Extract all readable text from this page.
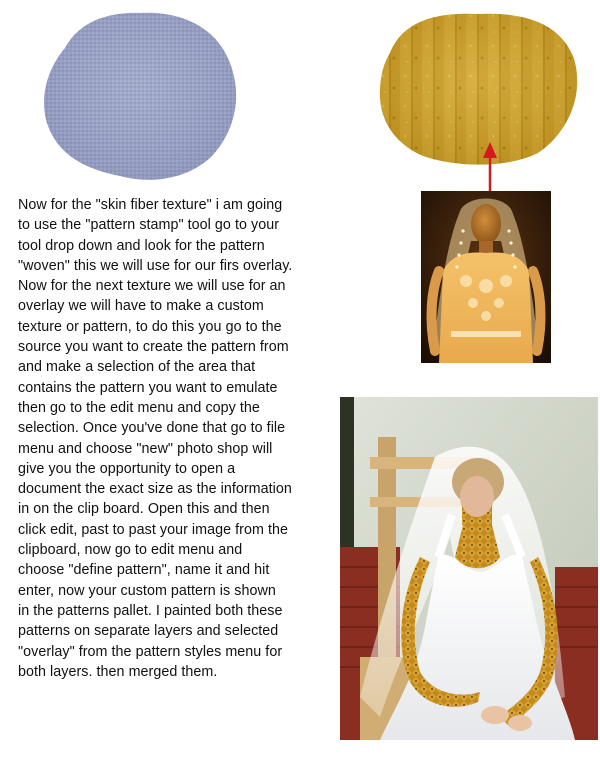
Now for the "skin fiber texture" i am going
to use the "pattern stamp" tool go to your
tool drop down and look for the pattern
"woven" this we will use for our firs overlay.
Now for the next texture we will use for an
overlay we will have to make a custom
texture or pattern, to do this you go to the
source you want to create the pattern from
and make a selection of the area that
contains the pattern you want to emulate
then go to the edit menu and copy the
selection. Once you've done that go to file
menu and choose "new" photo shop will
give you the opportunity to open a
document the exact size as the information
in on the clip board. Open this and then
click edit, past to past your image from the
clipboard, now go to edit menu and
choose "define pattern", name it and hit
enter, now your custom pattern is shown
in the patterns pallet. I painted both these
patterns on separate layers and selected
"overlay" from the pattern styles menu for
both layers. then merged them.
